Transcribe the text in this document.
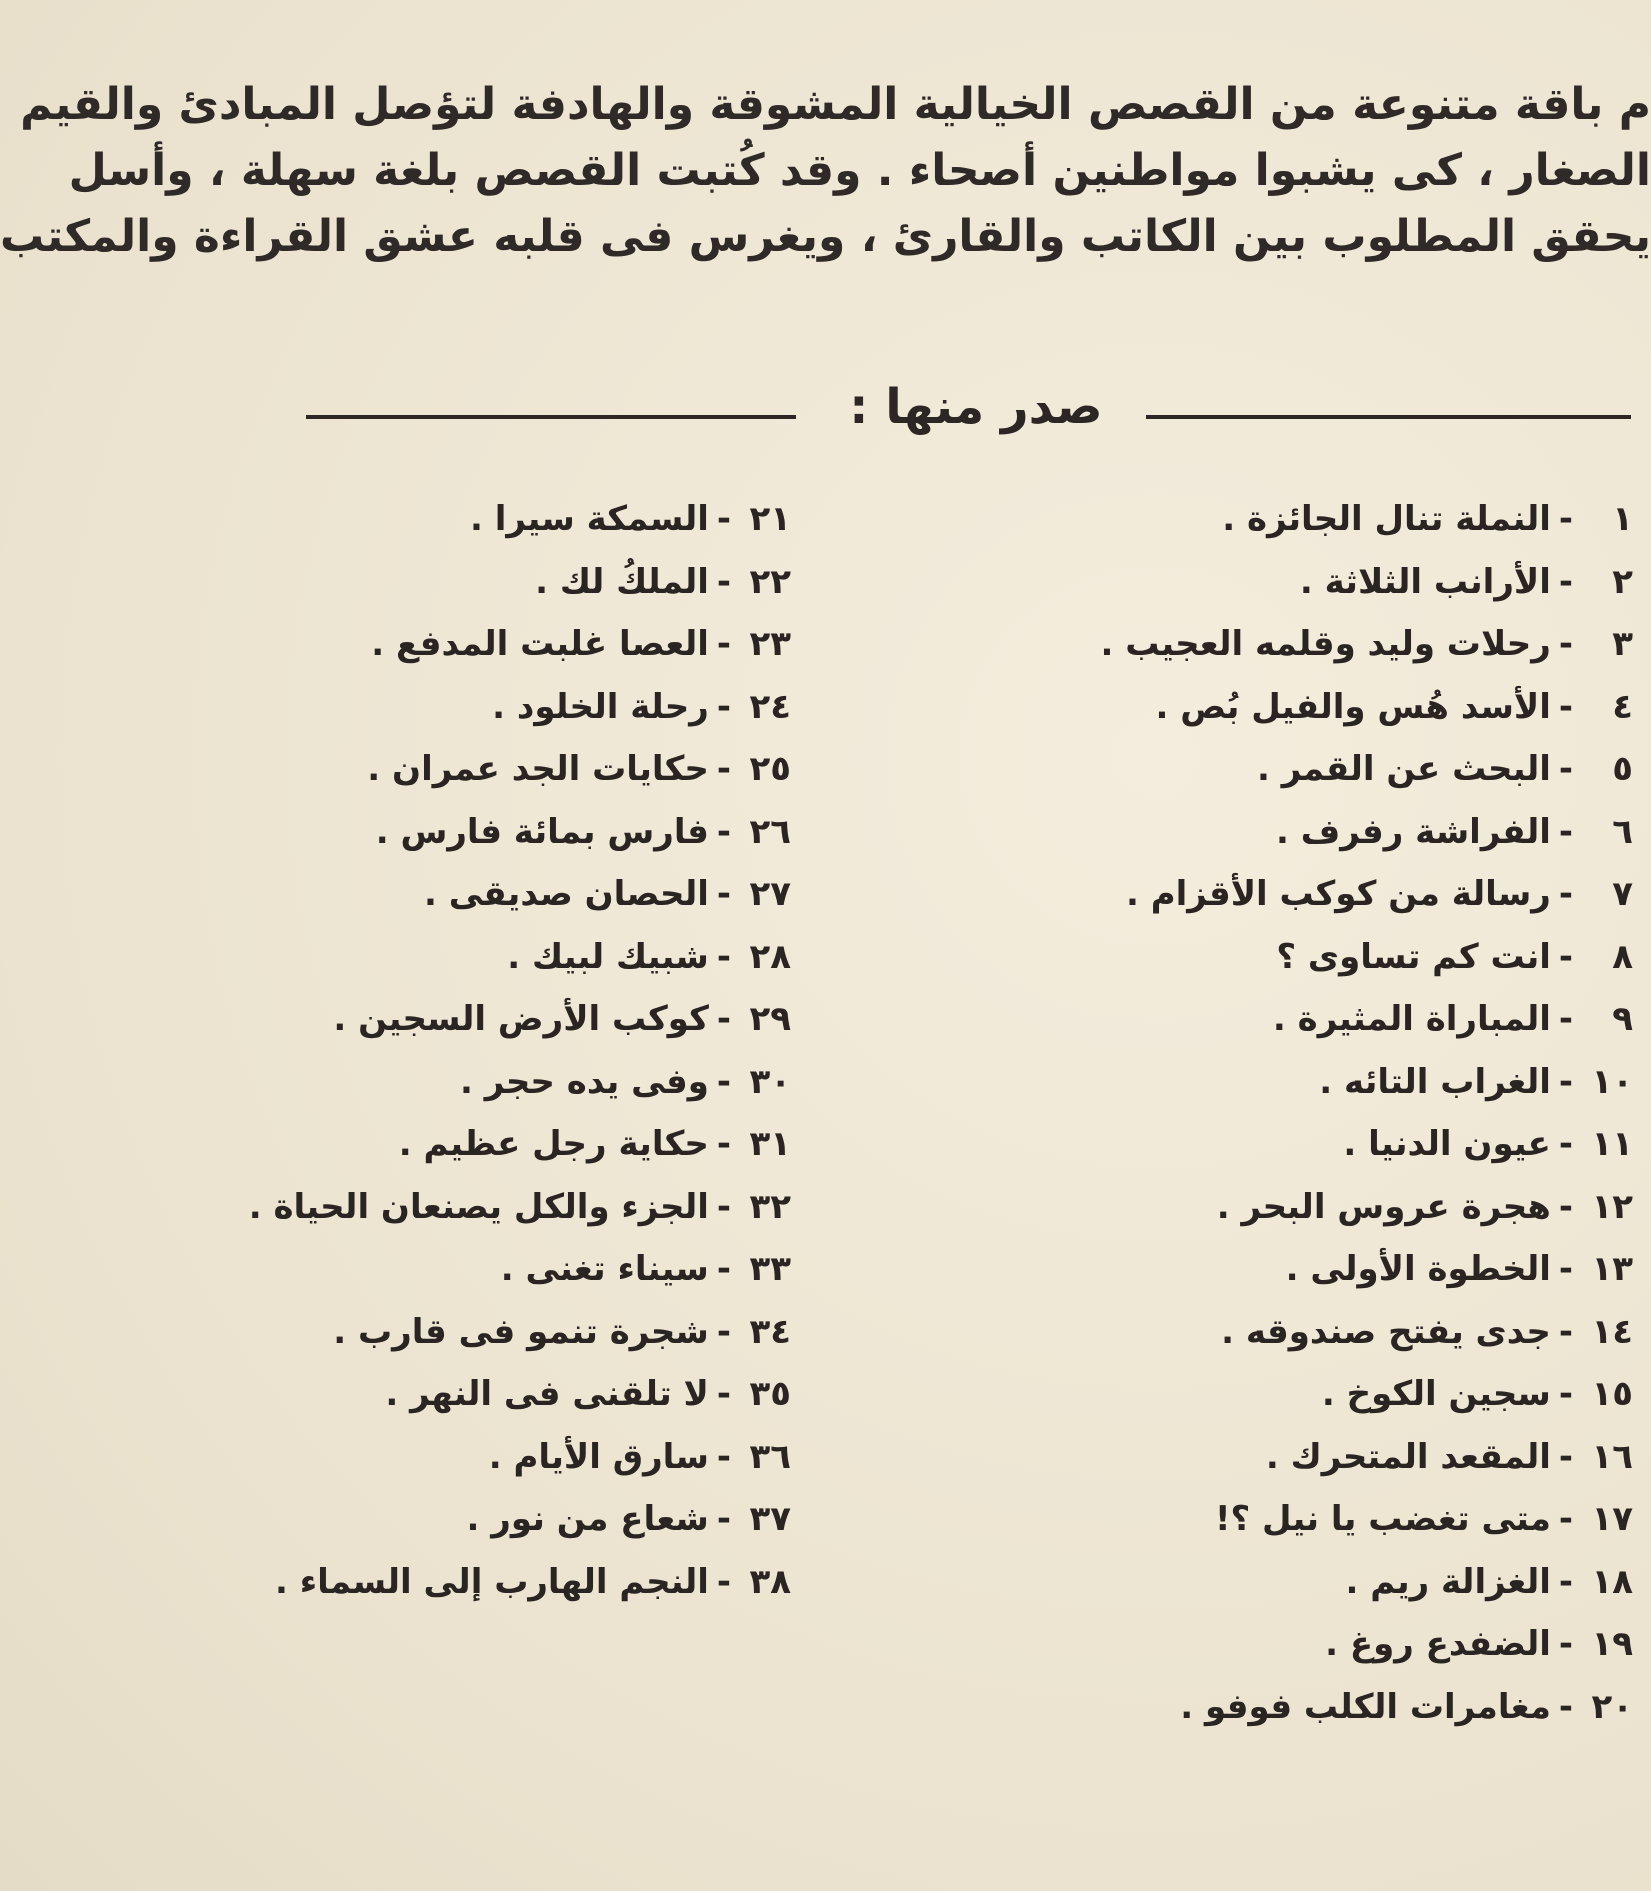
م باقة متنوعة من القصص الخيالية المشوقة والهادفة لتؤصل المبادئ والقيم
الصغار ، كى يشبوا مواطنين أصحاء . وقد كُتبت القصص بلغة سهلة ، وأسل
يحقق المطلوب بين الكاتب والقارئ ، ويغرس فى قلبه عشق القراءة والمكتب
صدر منها :
١-النملة تنال الجائزة .
٢-الأرانب الثلاثة .
٣-رحلات وليد وقلمه العجيب .
٤-الأسد هُس والفيل بُص .
٥-البحث عن القمر .
٦-الفراشة رفرف .
٧-رسالة من كوكب الأقزام .
٨-انت كم تساوى ؟
٩-المباراة المثيرة .
١٠-الغراب التائه .
١١-عيون الدنيا .
١٢-هجرة عروس البحر .
١٣-الخطوة الأولى .
١٤-جدى يفتح صندوقه .
١٥-سجين الكوخ .
١٦-المقعد المتحرك .
١٧-متى تغضب يا نيل ؟!
١٨-الغزالة ريم .
١٩-الضفدع روغ .
٢٠-مغامرات الكلب فوفو .
٢١-السمكة سيرا .
٢٢-الملكُ لك .
٢٣-العصا غلبت المدفع .
٢٤-رحلة الخلود .
٢٥-حكايات الجد عمران .
٢٦-فارس بمائة فارس .
٢٧-الحصان صديقى .
٢٨-شبيك لبيك .
٢٩-كوكب الأرض السجين .
٣٠-وفى يده حجر .
٣١-حكاية رجل عظيم .
٣٢-الجزء والكل يصنعان الحياة .
٣٣-سيناء تغنى .
٣٤-شجرة تنمو فى قارب .
٣٥-لا تلقنى فى النهر .
٣٦-سارق الأيام .
٣٧-شعاع من نور .
٣٨-النجم الهارب إلى السماء .
